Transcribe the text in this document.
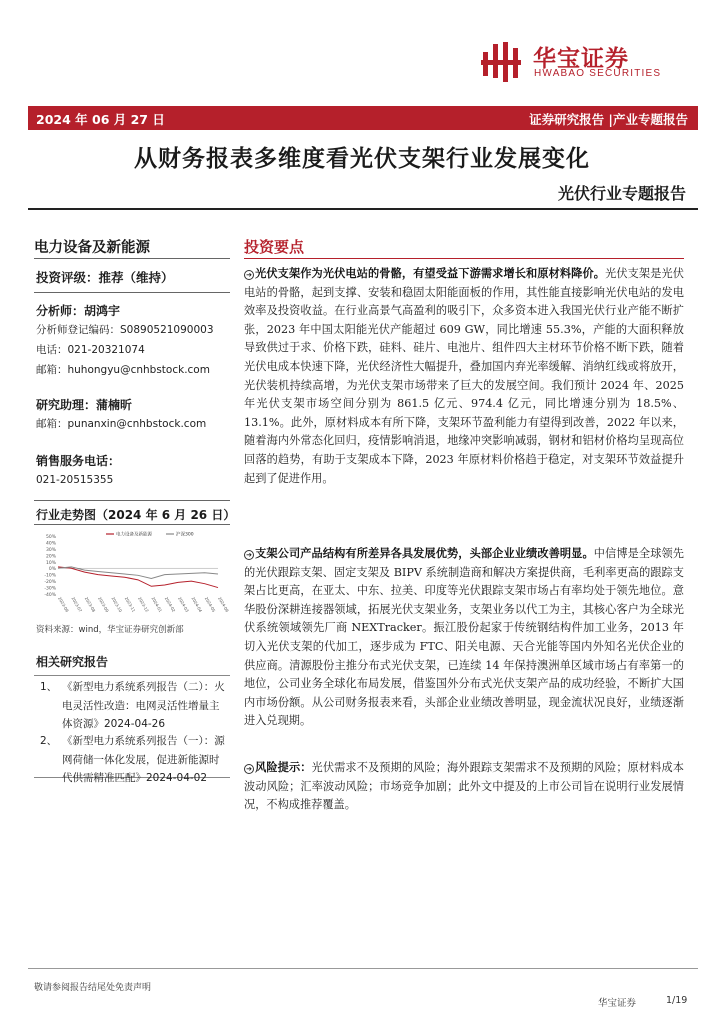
华宝证券
HWABAO SECURITIES
2024 年 06 月 27 日	证券研究报告 |产业专题报告
从财务报表多维度看光伏支架行业发展变化
光伏行业专题报告
电力设备及新能源
投资评级：推荐（维持）
分析师：胡鸿宇
分析师登记编码：S0890521090003
电话：021-20321074
邮箱：huhongyu@cnhbstock.com
研究助理：蒲楠昕
邮箱：punanxin@cnhbstock.com
销售服务电话：
021-20515355
行业走势图（2024 年 6 月 26 日）
50%
40%
30%
20%
10%
0%
-10%
-20%
-30%
-40%
2023-06 2023-07 2023-08 2023-09 2023-10 2023-11 2023-12 2024-01 2024-02 2024-03 2024-04 2024-05 2024-06
电力设备及新能源	沪深300
资料来源：wind，华宝证券研究创新部
相关研究报告
1、 《新型电力系统系列报告（二）：火电灵活性改造：电网灵活性增量主体资源》2024-04-26
2、 《新型电力系统系列报告（一）：源网荷储一体化发展，促进新能源时代供需精准匹配》2024-04-02
投资要点
➔ 光伏支架作为光伏电站的骨骼，有望受益下游需求增长和原材料降价。光伏支架是光伏电站的骨骼，起到支撑、安装和稳固太阳能面板的作用，其性能直接影响光伏电站的发电效率及投资收益。在行业高景气高盈利的吸引下，众多资本进入我国光伏行业产能不断扩张，2023 年中国太阳能光伏产能超过 609 GW，同比增速 55.3%，产能的大面积释放导致供过于求、价格下跌，硅料、硅片、电池片、组件四大主材环节价格不断下跌，随着光伏电成本快速下降，光伏经济性大幅提升，叠加国内弃光率缓解、消纳红线或将放开，光伏装机持续高增，为光伏支架市场带来了巨大的发展空间。我们预计 2024 年、2025 年光伏支架市场空间分别为 861.5 亿元、974.4 亿元，同比增速分别为 18.5%、13.1%。此外，原材料成本有所下降，支架环节盈利能力有望得到改善，2022 年以来，随着海内外常态化回归，疫情影响消退，地缘冲突影响减弱，钢材和铝材价格均呈现高位回落的趋势，有助于支架成本下降，2023 年原材料价格趋于稳定，对支架环节效益提升起到了促进作用。
➔ 支架公司产品结构有所差异各具发展优势，头部企业业绩改善明显。中信博是全球领先的光伏跟踪支架、固定支架及 BIPV 系统制造商和解决方案提供商，毛利率更高的跟踪支架占比更高，在亚太、中东、拉美、印度等光伏跟踪支架市场占有率均处于领先地位。意华股份深耕连接器领域，拓展光伏支架业务，支架业务以代工为主，其核心客户为全球光伏系统领域领先厂商 NEXTracker。振江股份起家于传统钢结构件加工业务，2013 年切入光伏支架的代加工，逐步成为 FTC、阳关电源、天合光能等国内外知名光伏企业的供应商。清源股份主推分布式光伏支架，已连续 14 年保持澳洲单区域市场占有率第一的地位，公司业务全球化布局发展，借鉴国外分布式光伏支架产品的成功经验，不断扩大国内市场份额。从公司财务报表来看，头部企业业绩改善明显，现金流状况良好，业绩逐渐进入兑现期。
➔ 风险提示：光伏需求不及预期的风险；海外跟踪支架需求不及预期的风险；原材料成本波动风险；汇率波动风险；市场竞争加剧；此外文中提及的上市公司旨在说明行业发展情况，不构成推荐覆盖。
敬请参阅报告结尾处免责声明
华宝证券	1/19
